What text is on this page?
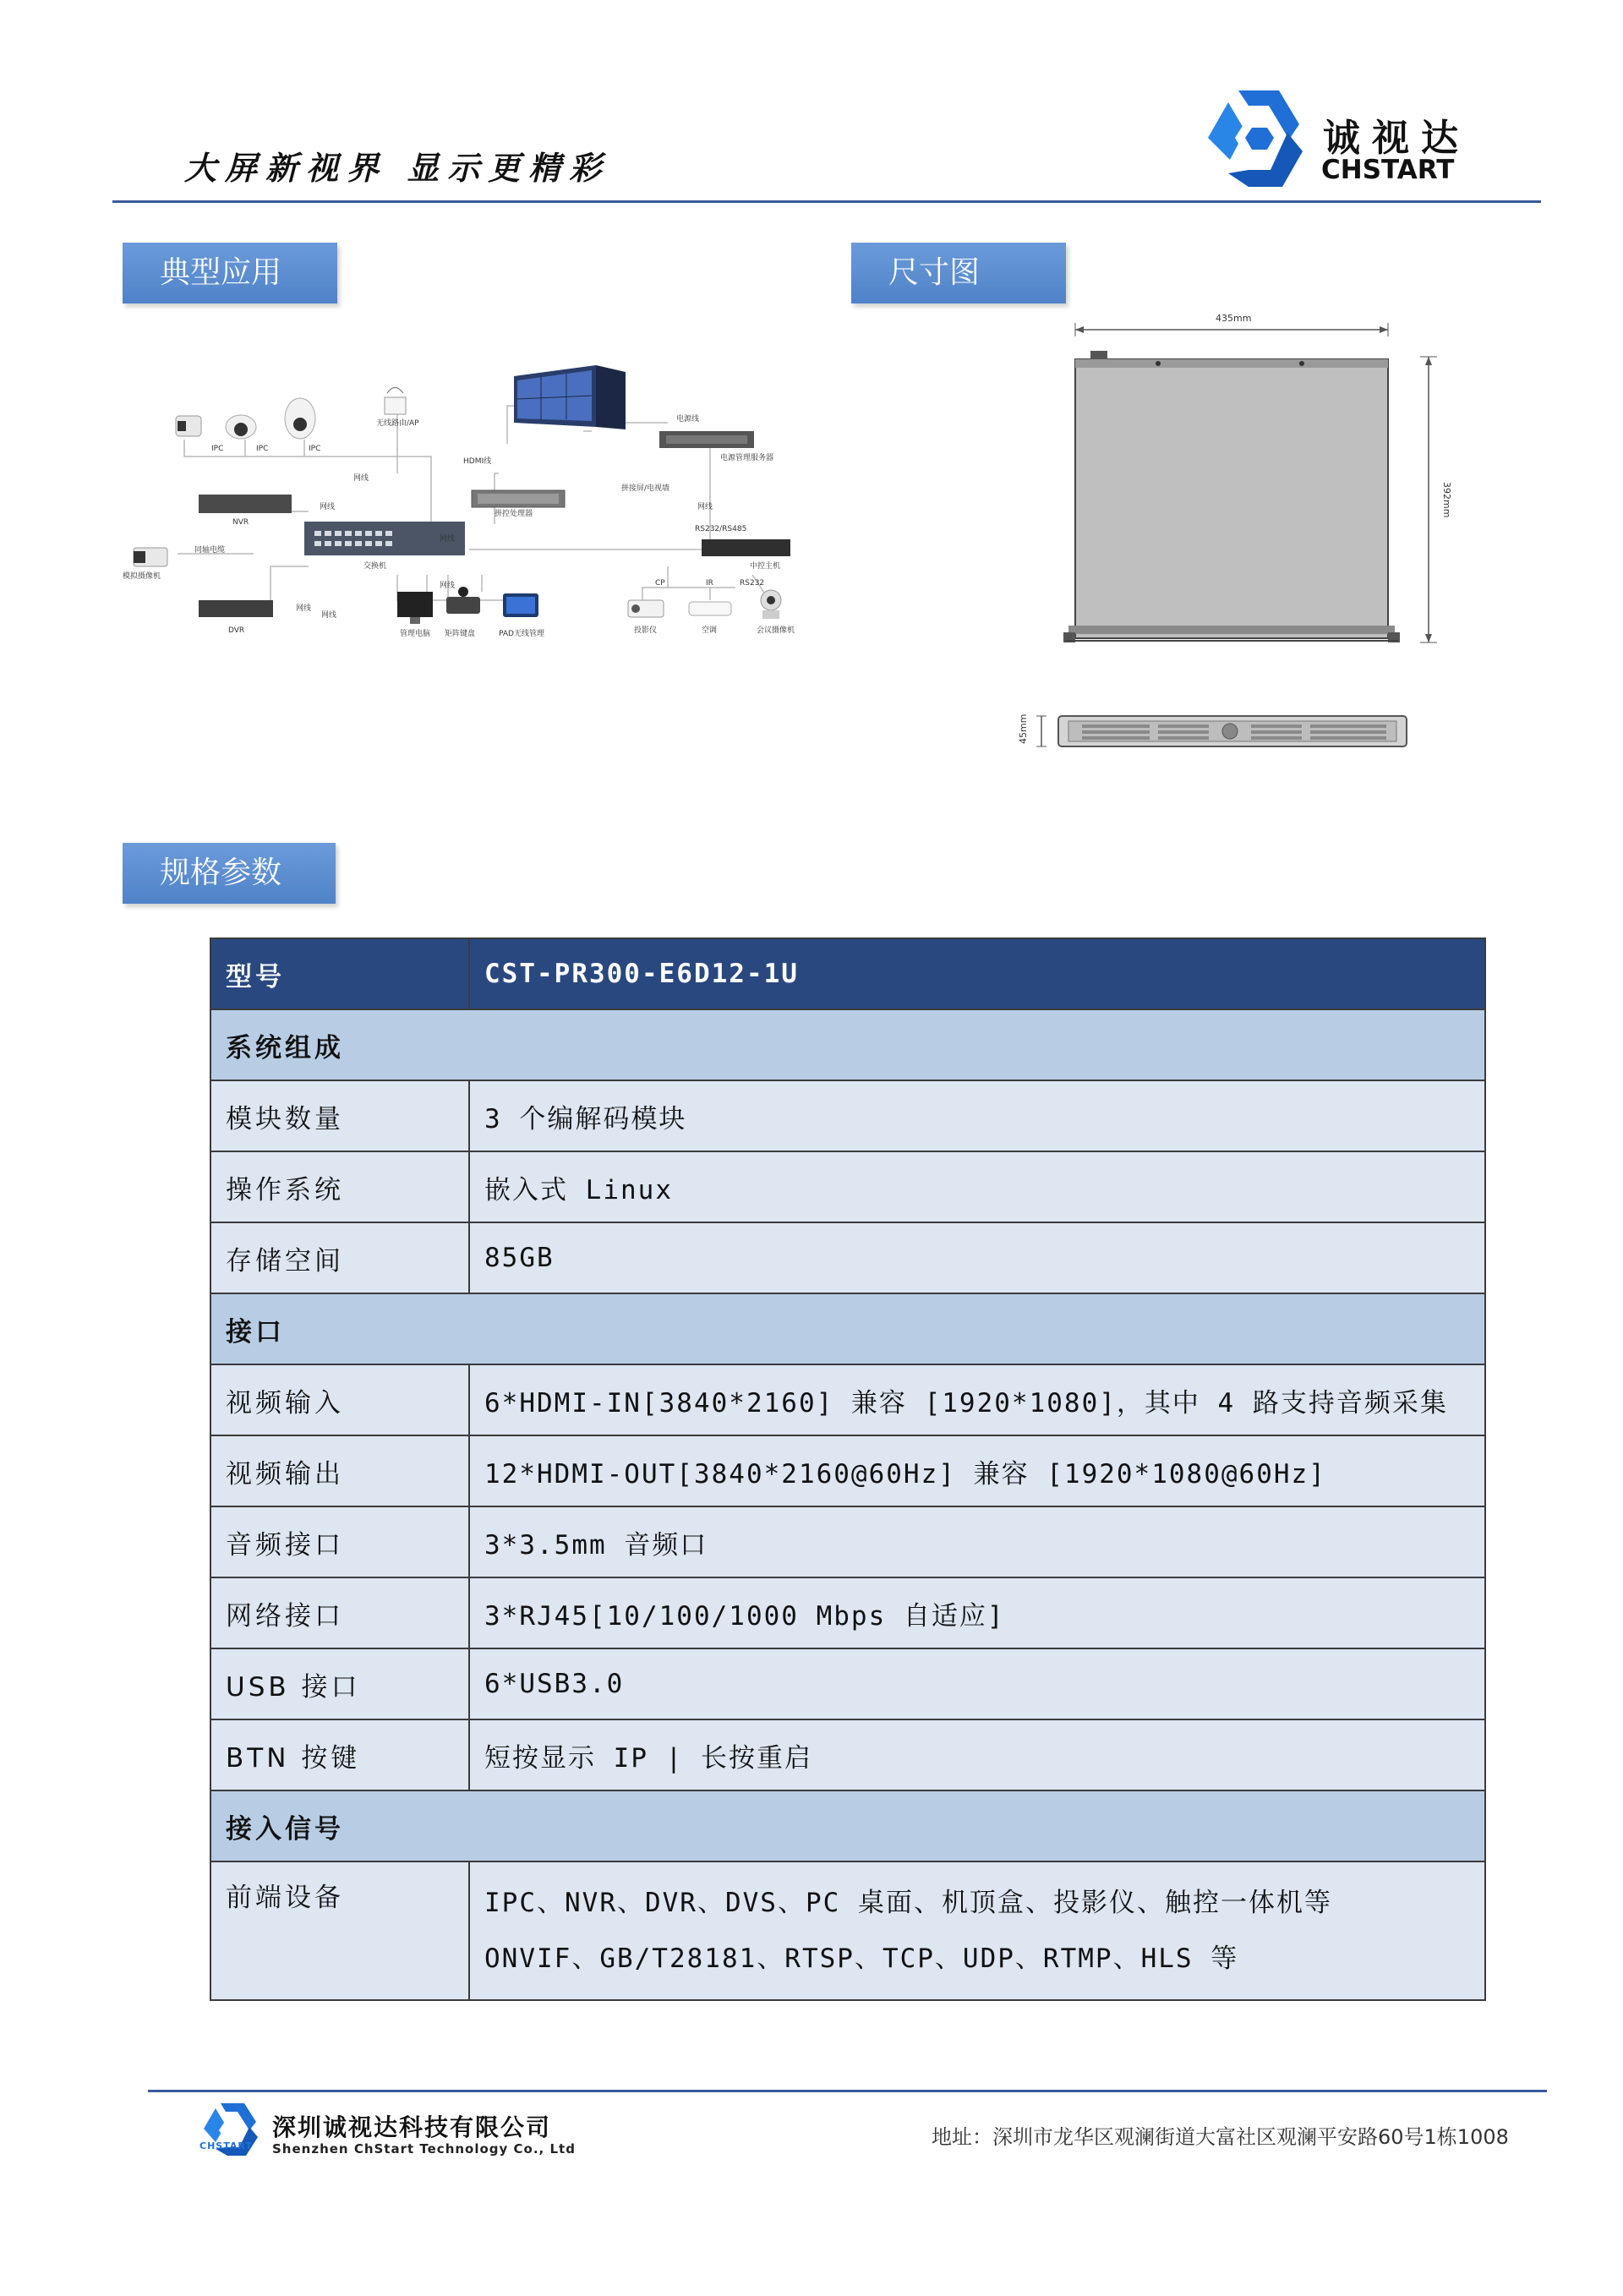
大屏新视界 显示更精彩
诚视达
CHSTART
典型应用	尺寸图
规格参数
IPC	IPC	IPC
无线路由/AP
HDMI线
拼接屏/电视墙
拼控处理器
电源线
电源管理服务器
NVR
交换机
同轴电缆
模拟摄像机
DVR
中控主机
管理电脑 矩阵键盘	PAD无线管理	投影仪	空调	会议摄像机
网线
网线
网线
网线
网线
网线
RS232/RS485
CP	IR	RS232
网线
435mm
392mm
45mm
型号	CST-PR300-E6D12-1U
系统组成	
模块数量	3 个编解码模块
操作系统	嵌入式 Linux
存储空间	85GB
接口	
视频输入	6*HDMI-IN[3840*2160] 兼容 [1920*1080]，其中 4 路支持音频采集
视频输出	12*HDMI-OUT[3840*2160@60Hz] 兼容 [1920*1080@60Hz]
音频接口	3*3.5mm 音频口
网络接口	3*RJ45[10/100/1000 Mbps 自适应]
USB 接口	6*USB3.0
BTN 按键	短按显示 IP | 长按重启
接入信号	
前端设备	IPC、NVR、DVR、DVS、PC 桌面、机顶盒、投影仪、触控一体机等
ONVIF、GB/T28181、RTSP、TCP、UDP、RTMP、HLS 等
CHSTART
深圳诚视达科技有限公司
Shenzhen ChStart Technology Co., Ltd	地址：深圳市龙华区观澜街道大富社区观澜平安路60号1栋1008
